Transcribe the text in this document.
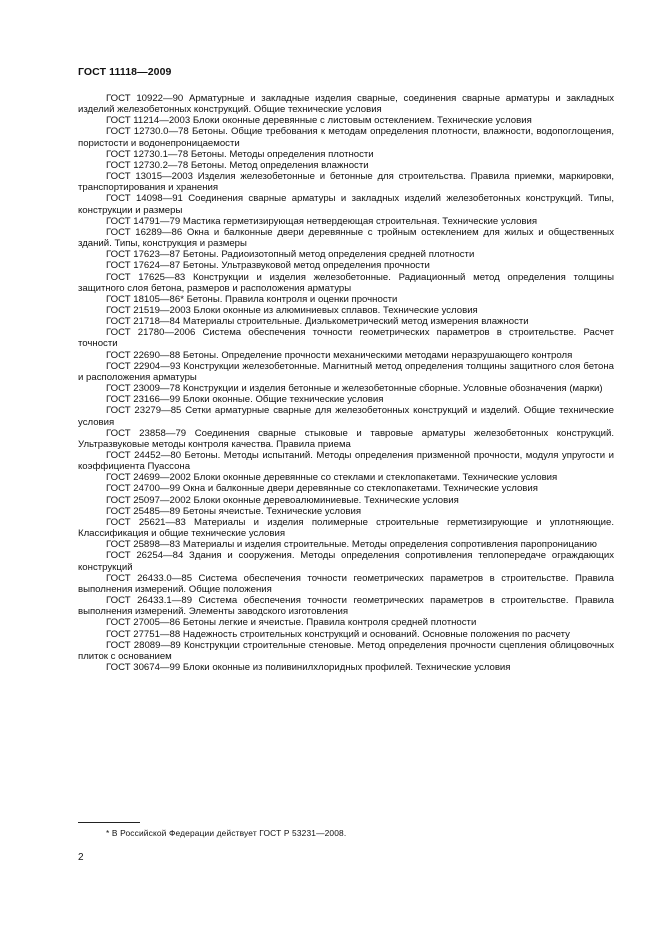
ГОСТ 11118—2009

ГОСТ 10922—90 Арматурные и закладные изделия сварные, соединения сварные арматуры и закладных изделий железобетонных конструкций. Общие технические условия

ГОСТ 11214—2003 Блоки оконные деревянные с листовым остеклением. Технические условия

ГОСТ 12730.0—78 Бетоны. Общие требования к методам определения плотности, влажности, водопоглощения, пористости и водонепроницаемости

ГОСТ 12730.1—78 Бетоны. Методы определения плотности

ГОСТ 12730.2—78 Бетоны. Метод определения влажности

ГОСТ 13015—2003 Изделия железобетонные и бетонные для строительства. Правила приемки, маркировки, транспортирования и хранения

ГОСТ 14098—91 Соединения сварные арматуры и закладных изделий железобетонных конструкций. Типы, конструкции и размеры

ГОСТ 14791—79 Мастика герметизирующая нетвердеющая строительная. Технические условия

ГОСТ 16289—86 Окна и балконные двери деревянные с тройным остеклением для жилых и общественных зданий. Типы, конструкция и размеры

ГОСТ 17623—87 Бетоны. Радиоизотопный метод определения средней плотности

ГОСТ 17624—87 Бетоны. Ультразвуковой метод определения прочности

ГОСТ 17625—83 Конструкции и изделия железобетонные. Радиационный метод определения толщины защитного слоя бетона, размеров и расположения арматуры

ГОСТ 18105—86* Бетоны. Правила контроля и оценки прочности

ГОСТ 21519—2003 Блоки оконные из алюминиевых сплавов. Технические условия

ГОСТ 21718—84 Материалы строительные. Диэлькометрический метод измерения влажности

ГОСТ 21780—2006 Система обеспечения точности геометрических параметров в строительстве. Расчет точности

ГОСТ 22690—88 Бетоны. Определение прочности механическими методами неразрушающего контроля

ГОСТ 22904—93 Конструкции железобетонные. Магнитный метод определения толщины защитного слоя бетона и расположения арматуры

ГОСТ 23009—78 Конструкции и изделия бетонные и железобетонные сборные. Условные обозначения (марки)

ГОСТ 23166—99 Блоки оконные. Общие технические условия

ГОСТ 23279—85 Сетки арматурные сварные для железобетонных конструкций и изделий. Общие технические условия

ГОСТ 23858—79 Соединения сварные стыковые и тавровые арматуры железобетонных конструкций. Ультразвуковые методы контроля качества. Правила приема

ГОСТ 24452—80 Бетоны. Методы испытаний. Методы определения призменной прочности, модуля упругости и коэффициента Пуассона

ГОСТ 24699—2002 Блоки оконные деревянные со стеклами и стеклопакетами. Технические условия

ГОСТ 24700—99 Окна и балконные двери деревянные со стеклопакетами. Технические условия

ГОСТ 25097—2002 Блоки оконные деревоалюминиевые. Технические условия

ГОСТ 25485—89 Бетоны ячеистые. Технические условия

ГОСТ 25621—83 Материалы и изделия полимерные строительные герметизирующие и уплотняющие. Классификация и общие технические условия

ГОСТ 25898—83 Материалы и изделия строительные. Методы определения сопротивления паропроницанию

ГОСТ 26254—84 Здания и сооружения. Методы определения сопротивления теплопередаче ограждающих конструкций

ГОСТ 26433.0—85 Система обеспечения точности геометрических параметров в строительстве. Правила выполнения измерений. Общие положения

ГОСТ 26433.1—89 Система обеспечения точности геометрических параметров в строительстве. Правила выполнения измерений. Элементы заводского изготовления

ГОСТ 27005—86 Бетоны легкие и ячеистые. Правила контроля средней плотности

ГОСТ 27751—88 Надежность строительных конструкций и оснований. Основные положения по расчету

ГОСТ 28089—89 Конструкции строительные стеновые. Метод определения прочности сцепления облицовочных плиток с основанием

ГОСТ 30674—99 Блоки оконные из поливинилхлоридных профилей. Технические условия

* В Российской Федерации действует ГОСТ Р 53231—2008.
2
